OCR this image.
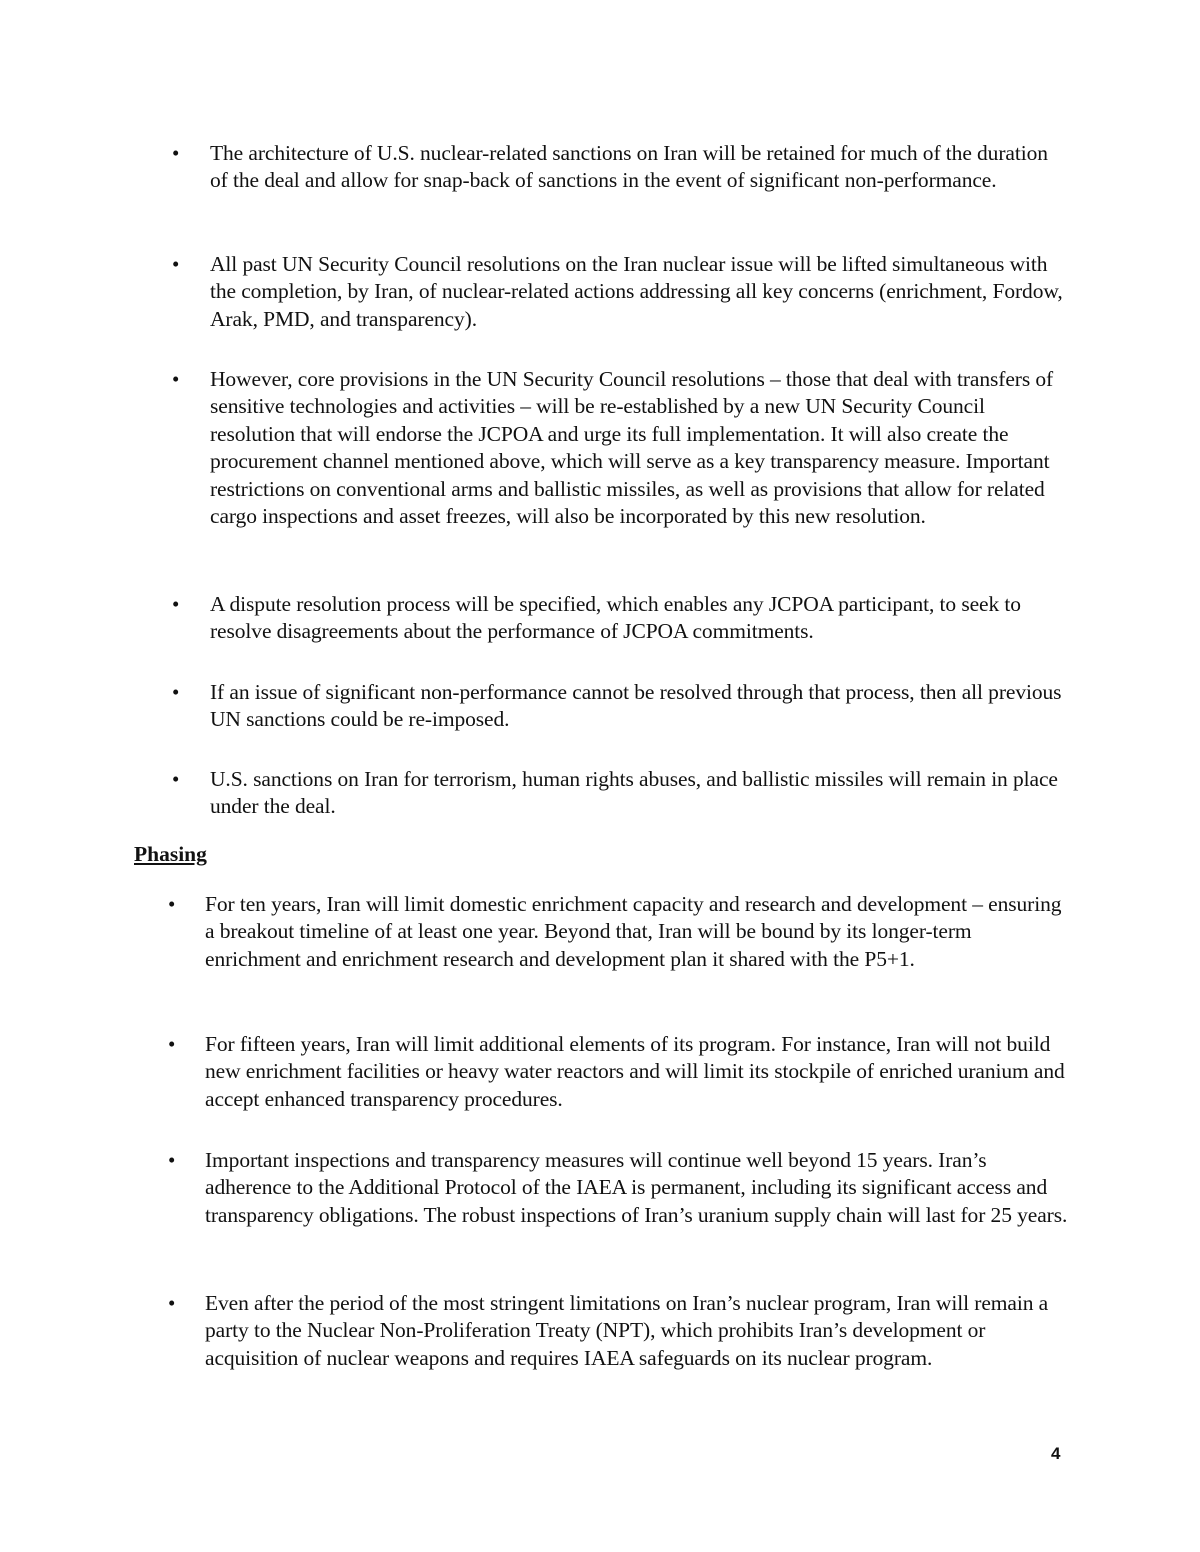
• The architecture of U.S. nuclear-related sanctions on Iran will be retained for much of the duration of the deal and allow for snap-back of sanctions in the event of significant non-performance.

• All past UN Security Council resolutions on the Iran nuclear issue will be lifted simultaneous with the completion, by Iran, of nuclear-related actions addressing all key concerns (enrichment, Fordow, Arak, PMD, and transparency).

• However, core provisions in the UN Security Council resolutions – those that deal with transfers of sensitive technologies and activities – will be re-established by a new UN Security Council resolution that will endorse the JCPOA and urge its full implementation. It will also create the procurement channel mentioned above, which will serve as a key transparency measure. Important restrictions on conventional arms and ballistic missiles, as well as provisions that allow for related cargo inspections and asset freezes, will also be incorporated by this new resolution.

• A dispute resolution process will be specified, which enables any JCPOA participant, to seek to resolve disagreements about the performance of JCPOA commitments.

• If an issue of significant non-performance cannot be resolved through that process, then all previous UN sanctions could be re-imposed.

• U.S. sanctions on Iran for terrorism, human rights abuses, and ballistic missiles will remain in place under the deal.

Phasing

• For ten years, Iran will limit domestic enrichment capacity and research and development – ensuring a breakout timeline of at least one year. Beyond that, Iran will be bound by its longer-term enrichment and enrichment research and development plan it shared with the P5+1.

• For fifteen years, Iran will limit additional elements of its program. For instance, Iran will not build new enrichment facilities or heavy water reactors and will limit its stockpile of enriched uranium and accept enhanced transparency procedures.

• Important inspections and transparency measures will continue well beyond 15 years. Iran’s adherence to the Additional Protocol of the IAEA is permanent, including its significant access and transparency obligations. The robust inspections of Iran’s uranium supply chain will last for 25 years.

• Even after the period of the most stringent limitations on Iran’s nuclear program, Iran will remain a party to the Nuclear Non-Proliferation Treaty (NPT), which prohibits Iran’s development or acquisition of nuclear weapons and requires IAEA safeguards on its nuclear program.

4
